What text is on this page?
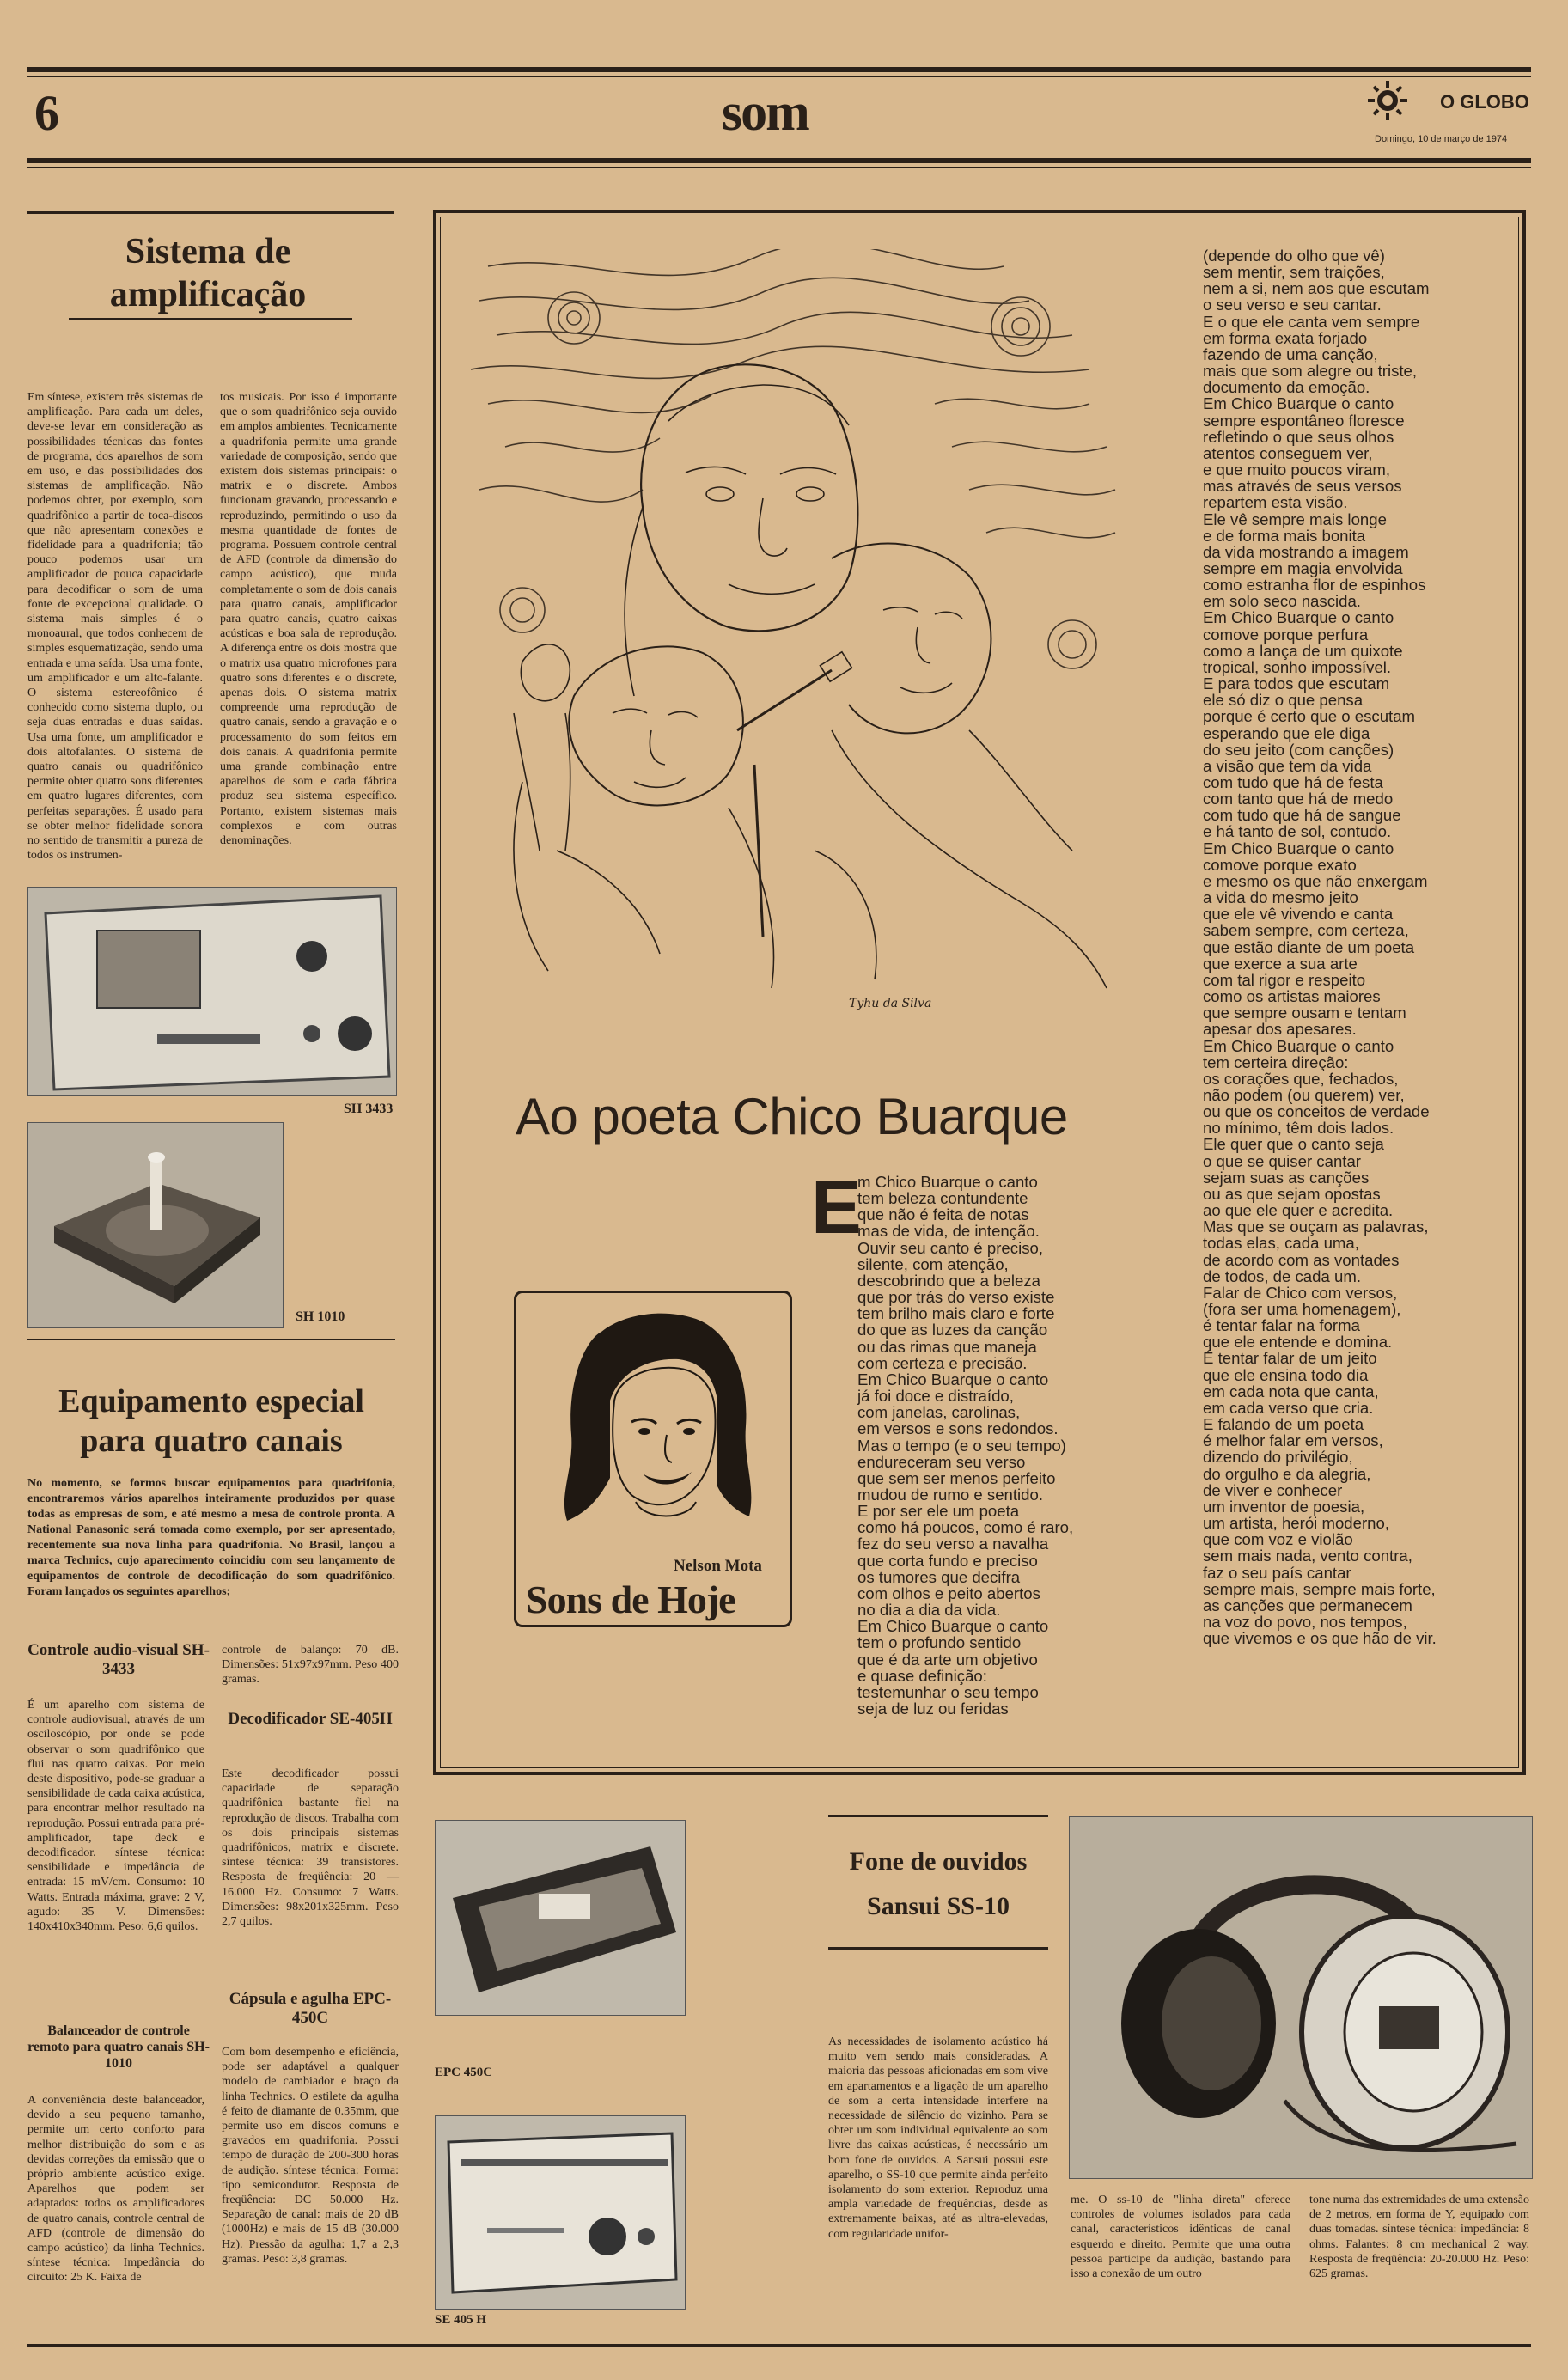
6	som	O GLOBO
Domingo, 10 de março de 1974
Sistema de amplificação
Em síntese, existem três sistemas de amplificação. Para cada um deles, deve-se levar em consideração as possibilidades técnicas das fontes de programa, dos aparelhos de som em uso, e das possibilidades dos sistemas de amplificação. Não podemos obter, por exemplo, som quadrifônico a partir de toca-discos que não apresentam conexões e fidelidade para a quadrifonia; tão pouco podemos usar um amplificador de pouca capacidade para decodificar o som de uma fonte de excepcional qualidade. O sistema mais simples é o monoaural, que todos conhecem de simples esquematização, sendo uma entrada e uma saída. Usa uma fonte, um amplificador e um alto-falante. O sistema estereofônico é conhecido como sistema duplo, ou seja duas entradas e duas saídas. Usa uma fonte, um amplificador e dois altofalantes. O sistema de quatro canais ou quadrifônico permite obter quatro sons diferentes em quatro lugares diferentes, com perfeitas separações. É usado para se obter melhor fidelidade sonora no sentido de transmitir a pureza de todos os instrumen-
tos musicais. Por isso é importante que o som quadrifônico seja ouvido em amplos ambientes. Tecnicamente a quadrifonia permite uma grande variedade de composição, sendo que existem dois sistemas principais: o matrix e o discrete. Ambos funcionam gravando, processando e reproduzindo, permitindo o uso da mesma quantidade de fontes de programa. Possuem controle central de AFD (controle da dimensão do campo acústico), que muda completamente o som de dois canais para quatro canais, amplificador para quatro canais, quatro caixas acústicas e boa sala de reprodução. A diferença entre os dois mostra que o matrix usa quatro microfones para quatro sons diferentes e o discrete, apenas dois. O sistema matrix compreende uma reprodução de quatro canais, sendo a gravação e o processamento do som feitos em dois canais. A quadrifonia permite uma grande combinação entre aparelhos de som e cada fábrica produz seu sistema específico. Portanto, existem sistemas mais complexos e com outras denominações.
SH 3433
SH 1010
Equipamento especial para quatro canais
No momento, se formos buscar equipamentos para quadrifonia, encontraremos vários aparelhos inteiramente produzidos por quase todas as empresas de som, e até mesmo a mesa de controle pronta. A National Panasonic será tomada como exemplo, por ser apresentado, recentemente sua nova linha para quadrifonia. No Brasil, lançou a marca Technics, cujo aparecimento coincidiu com seu lançamento de equipamentos de controle de decodificação do som quadrifônico. Foram lançados os seguintes aparelhos;
Controle audio-visual SH-3433
É um aparelho com sistema de controle audiovisual, através de um osciloscópio, por onde se pode observar o som quadrifônico que flui nas quatro caixas. Por meio deste dispositivo, pode-se graduar a sensibilidade de cada caixa acústica, para encontrar melhor resultado na reprodução. Possui entrada para pré-amplificador, tape deck e decodificador. síntese técnica: sensibilidade e impedância de entrada: 15 mV/cm. Consumo: 10 Watts. Entrada máxima, grave: 2 V, agudo: 35 V. Dimensões: 140x410x340mm. Peso: 6,6 quilos.
Balanceador de controle remoto para quatro canais SH-1010
A conveniência deste balanceador, devido a seu pequeno tamanho, permite um certo conforto para melhor distribuição do som e as devidas correções da emissão que o próprio ambiente acústico exige. Aparelhos que podem ser adaptados: todos os amplificadores de quatro canais, controle central de AFD (controle de dimensão do campo acústico) da linha Technics. síntese técnica: Impedância do circuito: 25 K. Faixa de
controle de balanço: 70 dB. Dimensões: 51x97x97mm. Peso 400 gramas.
Decodificador SE-405H
Este decodificador possui capacidade de separação quadrifônica bastante fiel na reprodução de discos. Trabalha com os dois principais sistemas quadrifônicos, matrix e discrete. síntese técnica: 39 transistores. Resposta de freqüência: 20 — 16.000 Hz. Consumo: 7 Watts. Dimensões: 98x201x325mm. Peso 2,7 quilos.
Cápsula e agulha EPC-450C
Com bom desempenho e eficiência, pode ser adaptável a qualquer modelo de cambiador e braço da linha Technics. O estilete da agulha é feito de diamante de 0.35mm, que permite uso em discos comuns e gravados em quadrifonia. Possui tempo de duração de 200-300 horas de audição. síntese técnica: Forma: tipo semicondutor. Resposta de freqüência: DC 50.000 Hz. Separação de canal: mais de 20 dB (1000Hz) e mais de 15 dB (30.000 Hz). Pressão da agulha: 1,7 a 2,3 gramas. Peso: 3,8 gramas.
Tyhu da Silva
Ao poeta Chico Buarque
E
m Chico Buarque o canto
tem beleza contundente
que não é feita de notas
mas de vida, de intenção.
Ouvir seu canto é preciso,
silente, com atenção,
descobrindo que a beleza
que por trás do verso existe
tem brilho mais claro e forte
do que as luzes da canção
ou das rimas que maneja
com certeza e precisão.
Em Chico Buarque o canto
já foi doce e distraído,
com janelas, carolinas,
em versos e sons redondos.
Mas o tempo (e o seu tempo)
endureceram seu verso
que sem ser menos perfeito
mudou de rumo e sentido.
E por ser ele um poeta
como há poucos, como é raro,
fez do seu verso a navalha
que corta fundo e preciso
os tumores que decifra
com olhos e peito abertos
no dia a dia da vida.
Em Chico Buarque o canto
tem o profundo sentido
que é da arte um objetivo
e quase definição:
testemunhar o seu tempo
seja de luz ou feridas
Nelson Mota
Sons de Hoje
(depende do olho que vê)
sem mentir, sem traições,
nem a si, nem aos que escutam
o seu verso e seu cantar.
E o que ele canta vem sempre
em forma exata forjado
fazendo de uma canção,
mais que som alegre ou triste,
documento da emoção.
Em Chico Buarque o canto
sempre espontâneo floresce
refletindo o que seus olhos
atentos conseguem ver,
e que muito poucos viram,
mas através de seus versos
repartem esta visão.
Ele vê sempre mais longe
e de forma mais bonita
da vida mostrando a imagem
sempre em magia envolvida
como estranha flor de espinhos
em solo seco nascida.
Em Chico Buarque o canto
comove porque perfura
como a lança de um quixote
tropical, sonho impossível.
E para todos que escutam
ele só diz o que pensa
porque é certo que o escutam
esperando que ele diga
do seu jeito (com canções)
a visão que tem da vida
com tudo que há de festa
com tanto que há de medo
com tudo que há de sangue
e há tanto de sol, contudo.
Em Chico Buarque o canto
comove porque exato
e mesmo os que não enxergam
a vida do mesmo jeito
que ele vê vivendo e canta
sabem sempre, com certeza,
que estão diante de um poeta
que exerce a sua arte
com tal rigor e respeito
como os artistas maiores
que sempre ousam e tentam
apesar dos apesares.
Em Chico Buarque o canto
tem certeira direção:
os corações que, fechados,
não podem (ou querem) ver,
ou que os conceitos de verdade
no mínimo, têm dois lados.
Ele quer que o canto seja
o que se quiser cantar
sejam suas as canções
ou as que sejam opostas
ao que ele quer e acredita.
Mas que se ouçam as palavras,
todas elas, cada uma,
de acordo com as vontades
de todos, de cada um.
Falar de Chico com versos,
(fora ser uma homenagem),
é tentar falar na forma
que ele entende e domina.
É tentar falar de um jeito
que ele ensina todo dia
em cada nota que canta,
em cada verso que cria.
E falando de um poeta
é melhor falar em versos,
dizendo do privilégio,
do orgulho e da alegria,
de viver e conhecer
um inventor de poesia,
um artista, herói moderno,
que com voz e violão
sem mais nada, vento contra,
faz o seu país cantar
sempre mais, sempre mais forte,
as canções que permanecem
na voz do povo, nos tempos,
que vivemos e os que hão de vir.
EPC 450C
SE 405 H
Fone de ouvidos
Sansui SS-10
As necessidades de isolamento acústico há muito vem sendo mais consideradas. A maioria das pessoas aficionadas em som vive em apartamentos e a ligação de um aparelho de som a certa intensidade interfere na necessidade de silêncio do vizinho. Para se obter um som individual equivalente ao som livre das caixas acústicas, é necessário um bom fone de ouvidos. A Sansui possui este aparelho, o SS-10 que permite ainda perfeito isolamento do som exterior. Reproduz uma ampla variedade de freqüências, desde as extremamente baixas, até as ultra-elevadas, com regularidade unifor-
me. O ss-10 de "linha direta" oferece controles de volumes isolados para cada canal, característicos idênticas de canal esquerdo e direito. Permite que uma outra pessoa participe da audição, bastando para isso a conexão de um outro
tone numa das extremidades de uma extensão de 2 metros, em forma de Y, equipado com duas tomadas. síntese técnica: impedância: 8 ohms. Falantes: 8 cm mechanical 2 way. Resposta de freqüência: 20-20.000 Hz. Peso: 625 gramas.
